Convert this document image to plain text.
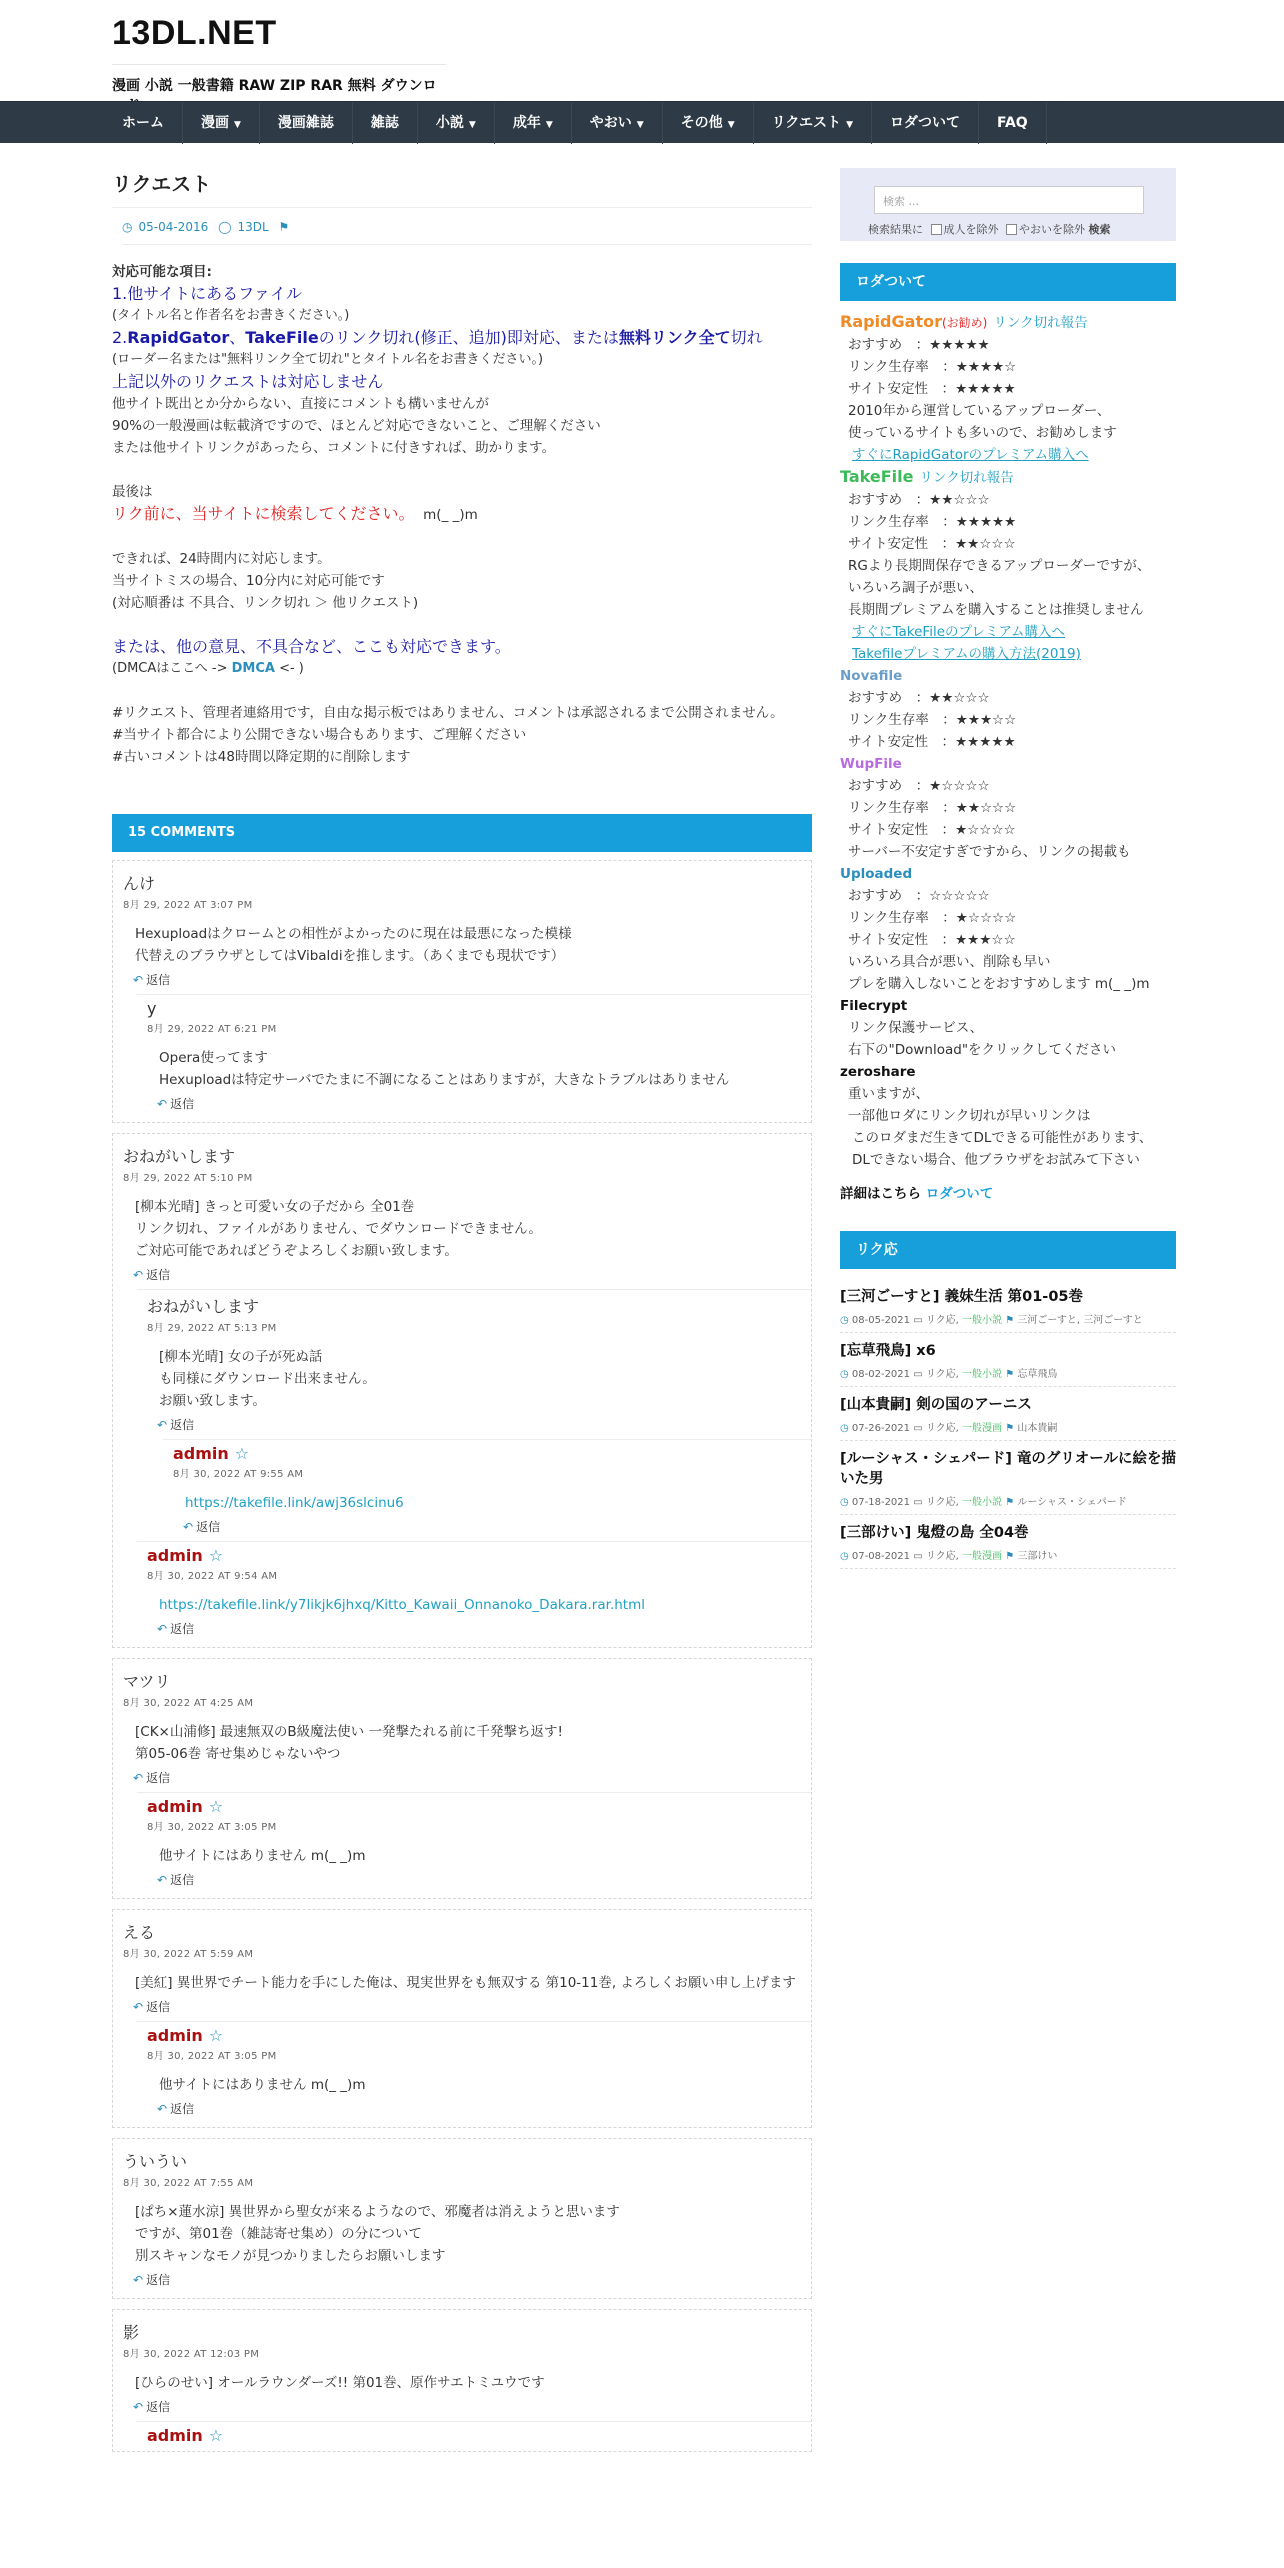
13DL.NET
漫画 小説 一般書籍 RAW ZIP RAR 無料 ダウンロ
ホーム	漫画 ▼	漫画雑誌	雑誌	小説 ▼	成年 ▼	やおい ▼	その他 ▼	リクエスト ▼	ロダついて	FAQ
リクエスト
◷ 05-04-2016 ◯ 13DL ⚑
対応可能な項目:
1.他サイトにあるファイル
(タイトル名と作者名をお書きください。)
2.RapidGator、TakeFileのリンク切れ(修正、追加)即対応、または無料リンク全て切れ
(ローダー名または"無料リンク全て切れ"とタイトル名をお書きください。)
上記以外のリクエストは対応しません
他サイト既出とか分からない、直接にコメントも構いませんが
90%の一般漫画は転載済ですので、ほとんど対応できないこと、ご理解ください
または他サイトリンクがあったら、コメントに付きすれば、助かります。
最後は
リク前に、当サイトに検索してください。 m(_ _)m
できれば、24時間内に対応します。
当サイトミスの場合、10分内に対応可能です
(対応順番は 不具合、リンク切れ ＞ 他リクエスト)
または、他の意見、不具合など、ここも対応できます。
(DMCAはここへ -> DMCA <- )
#リクエスト、管理者連絡用です，自由な掲示板ではありません、コメントは承認されるまで公開されません。
#当サイト都合により公開できない場合もあります、ご理解ください
#古いコメントは48時間以降定期的に削除します
15 COMMENTS
んけ
8月 29, 2022 AT 3:07 PM
Hexuploadはクロームとの相性がよかったのに現在は最悪になった模様
代替えのブラウザとしてはVibaldiを推します。（あくまでも現状です）
↶ 返信
y
8月 29, 2022 AT 6:21 PM
Opera使ってます
Hexuploadは特定サーバでたまに不調になることはありますが，大きなトラブルはありません
↶ 返信
おねがいします
8月 29, 2022 AT 5:10 PM
[柳本光晴] きっと可愛い女の子だから 全01巻
リンク切れ、ファイルがありません、でダウンロードできません。
ご対応可能であればどうぞよろしくお願い致します。
↶ 返信
おねがいします
8月 29, 2022 AT 5:13 PM
[柳本光晴] 女の子が死ぬ話
も同様にダウンロード出来ません。
お願い致します。
↶ 返信
admin ☆
8月 30, 2022 AT 9:55 AM
https://takefile.link/awj36slcinu6
↶ 返信
admin ☆
8月 30, 2022 AT 9:54 AM
https://takefile.link/y7likjk6jhxq/Kitto_Kawaii_Onnanoko_Dakara.rar.html
↶ 返信
マツリ
8月 30, 2022 AT 4:25 AM
[CK×山浦修] 最速無双のB級魔法使い 一発撃たれる前に千発撃ち返す!
第05-06巻 寄せ集めじゃないやつ
↶ 返信
admin ☆
8月 30, 2022 AT 3:05 PM
他サイトにはありません m(_ _)m
↶ 返信
える
8月 30, 2022 AT 5:59 AM
[美紅] 異世界でチート能力を手にした俺は、現実世界をも無双する 第10-11巻, よろしくお願い申し上げます
↶ 返信
admin ☆
8月 30, 2022 AT 3:05 PM
他サイトにはありません m(_ _)m
↶ 返信
ういうい
8月 30, 2022 AT 7:55 AM
[ぱち×蓮水涼] 異世界から聖女が来るようなので、邪魔者は消えようと思います
ですが、第01巻（雑誌寄せ集め）の分について
別スキャンなモノが見つかりましたらお願いします
↶ 返信
影
8月 30, 2022 AT 12:03 PM
[ひらのせい] オールラウンダーズ!! 第01巻、原作サエトミユウです
↶ 返信
admin ☆
検索 ...
検索結果に 成人を除外 やおいを除外 検索
ロダついて
RapidGator(お勧め) リンク切れ報告
おすすめ　：★★★★★
リンク生存率　：★★★★☆
サイト安定性　：★★★★★
2010年から運営しているアップローダー、
使っているサイトも多いので、お勧めします
すぐにRapidGatorのプレミアム購入へ
TakeFile リンク切れ報告
おすすめ　：★★☆☆☆
リンク生存率　：★★★★★
サイト安定性　：★★☆☆☆
RGより長期間保存できるアップローダーですが、
いろいろ調子が悪い、
長期間プレミアムを購入することは推奨しません
すぐにTakeFileのプレミアム購入へ
Takefileプレミアムの購入方法(2019)
Novafile
おすすめ　：★★☆☆☆
リンク生存率　：★★★☆☆
サイト安定性　：★★★★★
WupFile
おすすめ　：★☆☆☆☆
リンク生存率　：★★☆☆☆
サイト安定性　：★☆☆☆☆
サーバー不安定すぎですから、リンクの掲載も
Uploaded
おすすめ　：☆☆☆☆☆
リンク生存率　：★☆☆☆☆
サイト安定性　：★★★☆☆
いろいろ具合が悪い、削除も早い
プレを購入しないことをおすすめします m(_ _)m
Filecrypt
リンク保護サービス、
右下の"Download"をクリックしてください
zeroshare
重いますが、
一部他ロダにリンク切れが早いリンクは
このロダまだ生きてDLできる可能性があります、
DLできない場合、他ブラウザをお試みて下さい
詳細はこちら ロダついて
リク応
[三河ごーすと] 義妹生活 第01-05巻
◷ 08-05-2021 ▭ リク応, 一般小説 ⚑ 三河ごーすと, 三河ごーすと
[忘草飛鳥] x6
◷ 08-02-2021 ▭ リク応, 一般小説 ⚑ 忘草飛鳥
[山本貴嗣] 剣の国のアーニス
◷ 07-26-2021 ▭ リク応, 一般漫画 ⚑ 山本貴嗣
[ルーシャス・シェパード] 竜のグリオールに絵を描いた男
◷ 07-18-2021 ▭ リク応, 一般小説 ⚑ ルーシャス・シェパード
[三部けい] 鬼燈の島 全04巻
◷ 07-08-2021 ▭ リク応, 一般漫画 ⚑ 三部けい
